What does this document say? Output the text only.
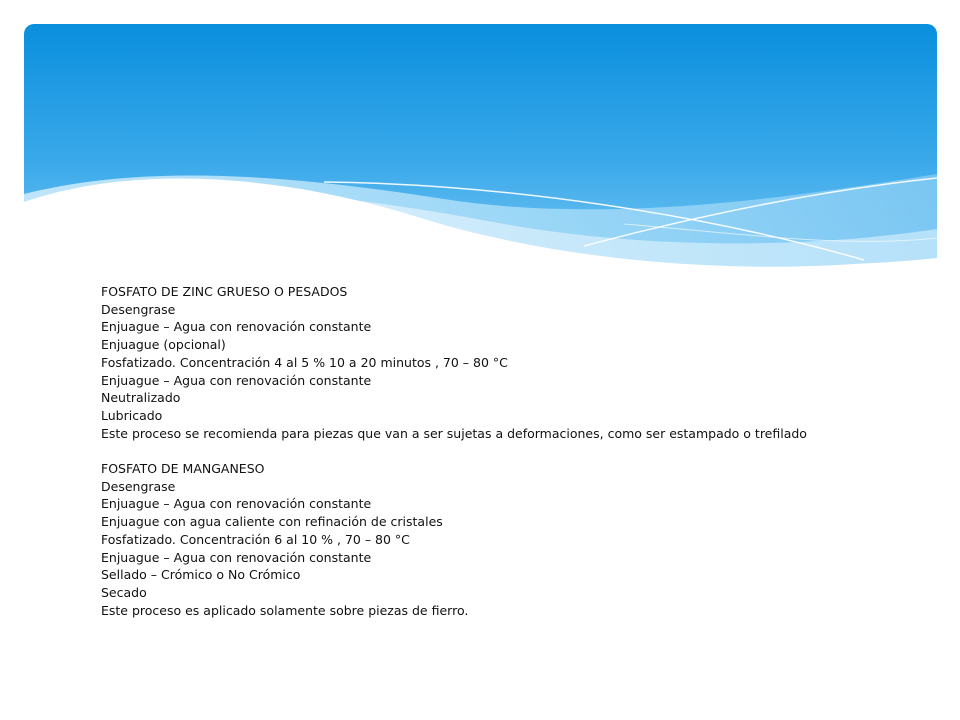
FOSFATO DE ZINC GRUESO O PESADOS
Desengrase
Enjuague – Agua con renovación constante
Enjuague (opcional)
Fosfatizado. Concentración 4 al 5 % 10 a 20 minutos , 70 – 80 °C
Enjuague – Agua con renovación constante
Neutralizado
Lubricado
Este proceso se recomienda para piezas que van a ser sujetas a deformaciones, como ser estampado o trefilado
FOSFATO DE MANGANESO
Desengrase
Enjuague – Agua con renovación constante
Enjuague con agua caliente con refinación de cristales
Fosfatizado. Concentración 6 al 10 % , 70 – 80 °C
Enjuague – Agua con renovación constante
Sellado – Crómico o No Crómico
Secado
Este proceso es aplicado solamente sobre piezas de fierro.
